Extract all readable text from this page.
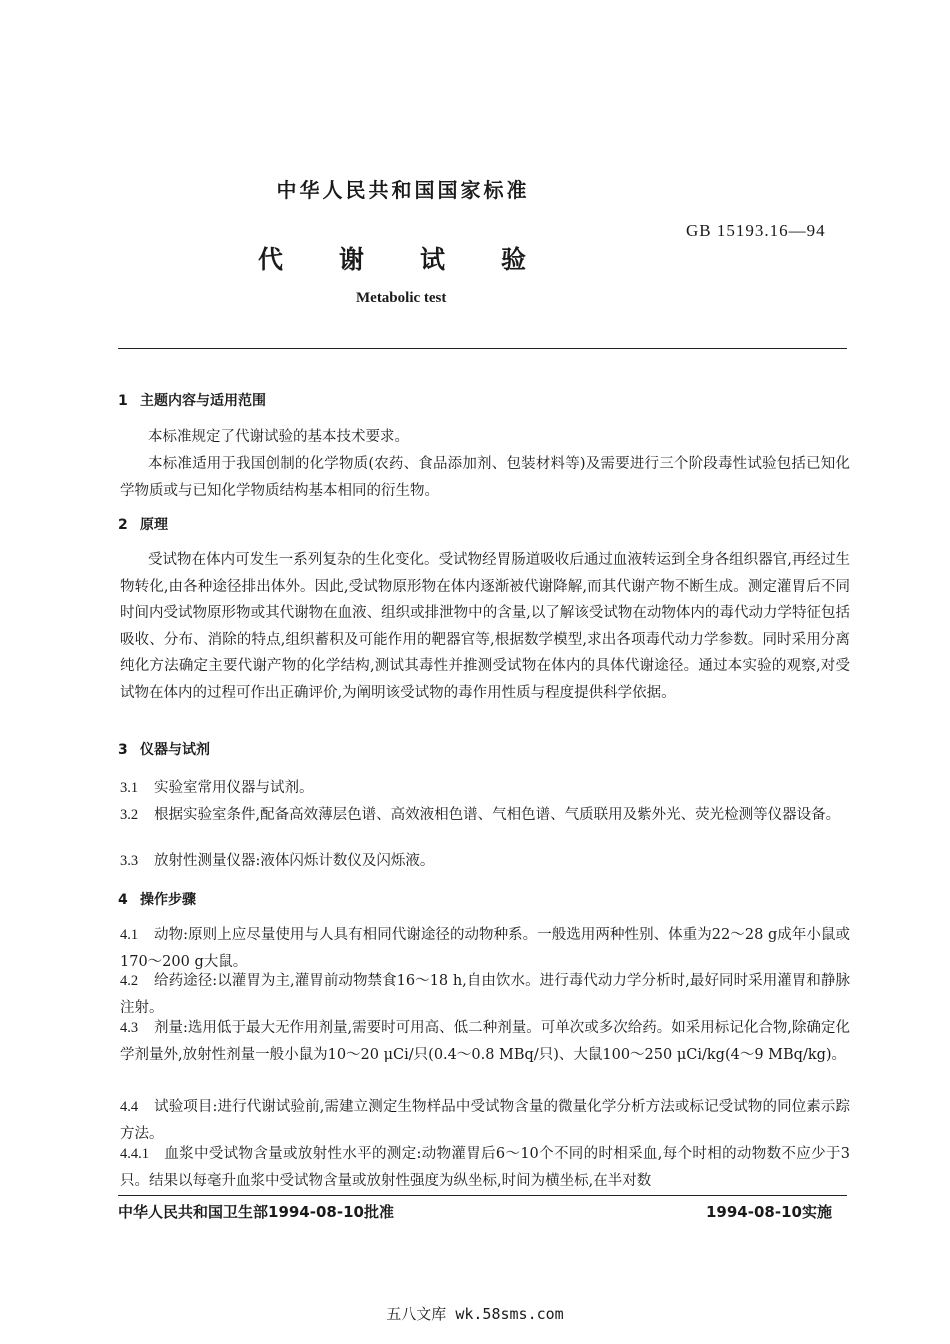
中华人民共和国国家标准
GB 15193.16—94
代谢试验
Metabolic test
1 主题内容与适用范围
本标准规定了代谢试验的基本技术要求。
本标准适用于我国创制的化学物质(农药、食品添加剂、包装材料等)及需要进行三个阶段毒性试验包括已知化学物质或与已知化学物质结构基本相同的衍生物。
2 原理
受试物在体内可发生一系列复杂的生化变化。受试物经胃肠道吸收后通过血液转运到全身各组织器官,再经过生物转化,由各种途径排出体外。因此,受试物原形物在体内逐渐被代谢降解,而其代谢产物不断生成。测定灌胃后不同时间内受试物原形物或其代谢物在血液、组织或排泄物中的含量,以了解该受试物在动物体内的毒代动力学特征包括吸收、分布、消除的特点,组织蓄积及可能作用的靶器官等,根据数学模型,求出各项毒代动力学参数。同时采用分离纯化方法确定主要代谢产物的化学结构,测试其毒性并推测受试物在体内的具体代谢途径。通过本实验的观察,对受试物在体内的过程可作出正确评价,为阐明该受试物的毒作用性质与程度提供科学依据。
3 仪器与试剂
3.1 实验室常用仪器与试剂。
3.2 根据实验室条件,配备高效薄层色谱、高效液相色谱、气相色谱、气质联用及紫外光、荧光检测等仪器设备。
3.3 放射性测量仪器:液体闪烁计数仪及闪烁液。
4 操作步骤
4.1 动物:原则上应尽量使用与人具有相同代谢途径的动物种系。一般选用两种性别、体重为22～28 g成年小鼠或170～200 g大鼠。
4.2 给药途径:以灌胃为主,灌胃前动物禁食16～18 h,自由饮水。进行毒代动力学分析时,最好同时采用灌胃和静脉注射。
4.3 剂量:选用低于最大无作用剂量,需要时可用高、低二种剂量。可单次或多次给药。如采用标记化合物,除确定化学剂量外,放射性剂量一般小鼠为10～20 μCi/只(0.4～0.8 MBq/只)、大鼠100～250 μCi/kg(4～9 MBq/kg)。
4.4 试验项目:进行代谢试验前,需建立测定生物样品中受试物含量的微量化学分析方法或标记受试物的同位素示踪方法。
4.4.1 血浆中受试物含量或放射性水平的测定:动物灌胃后6～10个不同的时相采血,每个时相的动物数不应少于3只。结果以每毫升血浆中受试物含量或放射性强度为纵坐标,时间为横坐标,在半对数
中华人民共和国卫生部1994-08-10批准	1994-08-10实施
五八文库 wk.58sms.com
